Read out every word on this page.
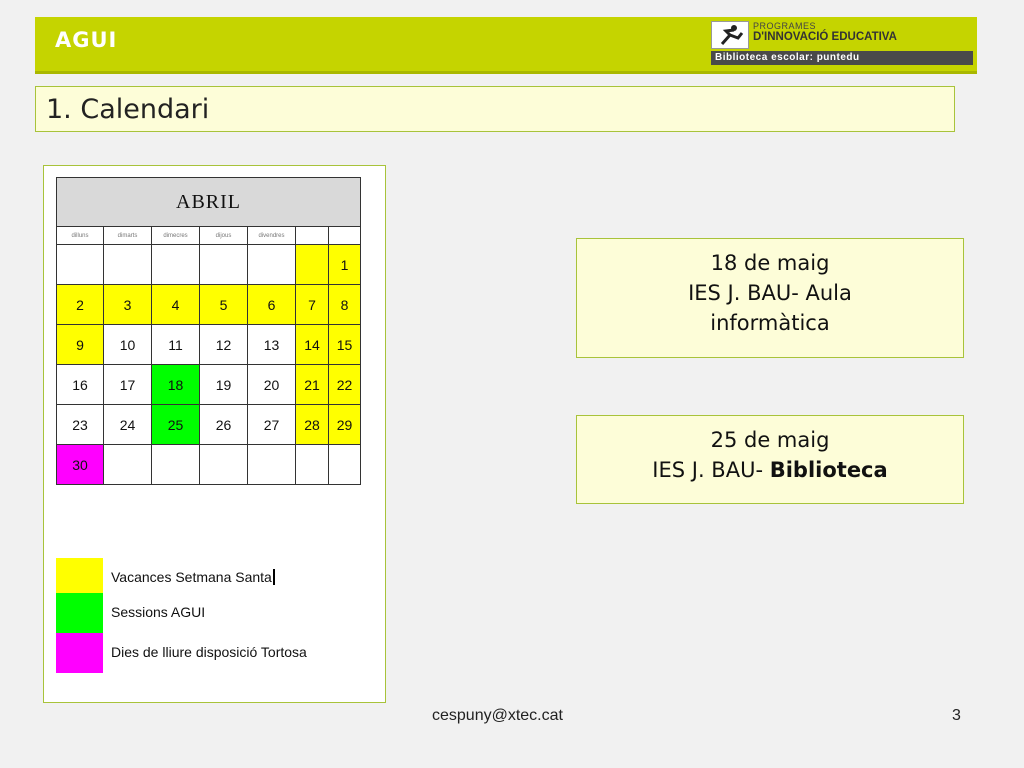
AGUI
PROGRAMES
D'INNOVACIÓ EDUCATIVA
Biblioteca escolar: puntedu
1. Calendari
ABRIL						
dilluns	dimarts	dimecres	dijous	divendres		
						1
2	3	4	5	6	7	8
9	10	11	12	13	14	15
16	17	18	19	20	21	22
23	24	25	26	27	28	29
30						
Vacances Setmana Santa
Sessions AGUI
Dies de lliure disposició Tortosa
18 de maig
IES J. BAU- Aula
informàtica
25 de maig
IES J. BAU- Biblioteca
cespuny@xtec.cat	3
